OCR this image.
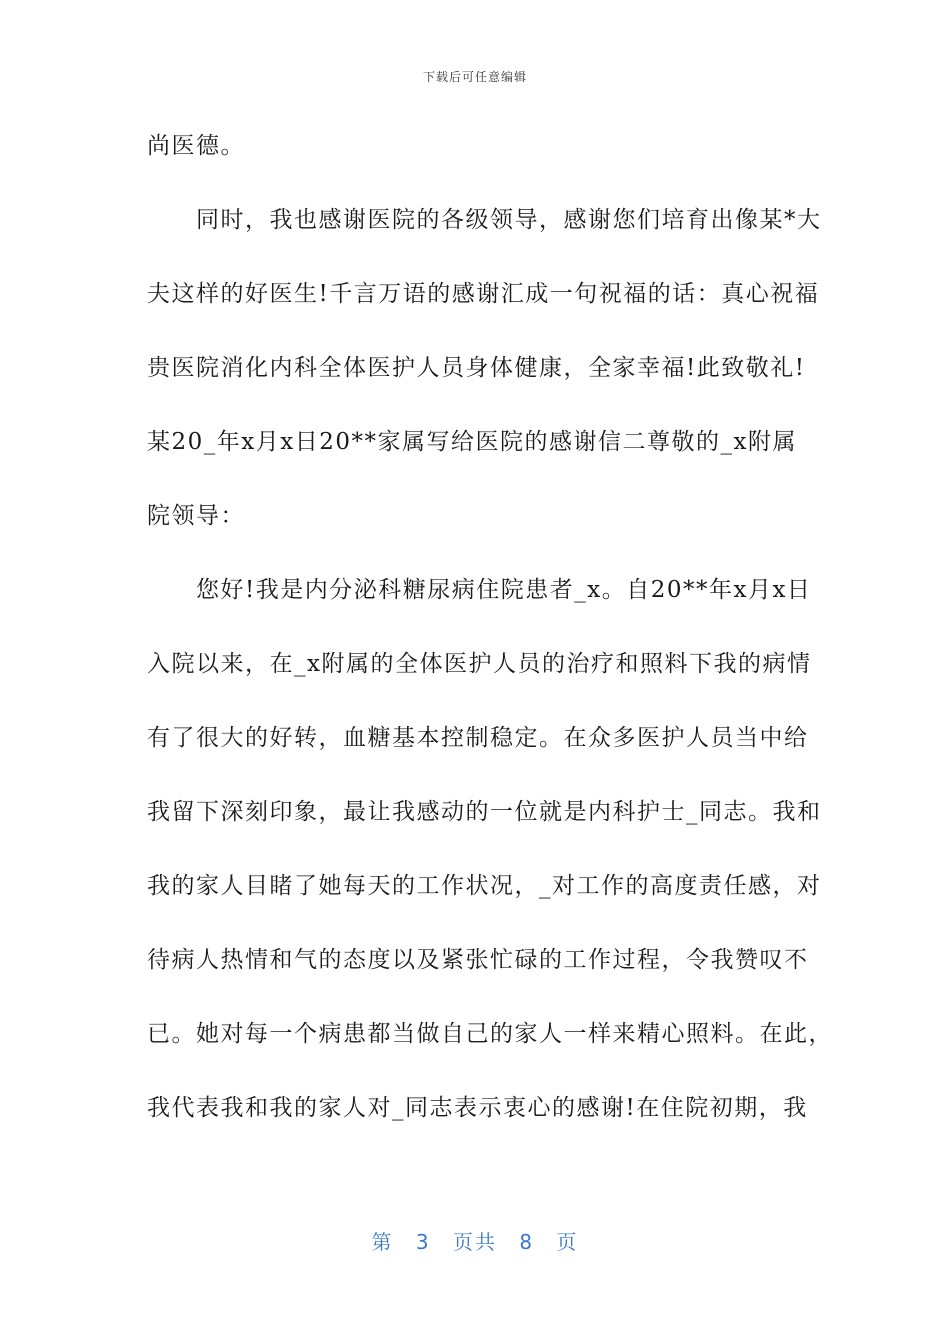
下载后可任意编辑
尚医德。
　　同时，我也感谢医院的各级领导，感谢您们培育出像某*大
夫这样的好医生!千言万语的感谢汇成一句祝福的话：真心祝福
贵医院消化内科全体医护人员身体健康，全家幸福!此致敬礼!
某20_年x月x日20**家属写给医院的感谢信二尊敬的_x附属
院领导：
　　您好!我是内分泌科糖尿病住院患者_x。自20**年x月x日
入院以来，在_x附属的全体医护人员的治疗和照料下我的病情
有了很大的好转，血糖基本控制稳定。在众多医护人员当中给
我留下深刻印象，最让我感动的一位就是内科护士_同志。我和
我的家人目睹了她每天的工作状况，_对工作的高度责任感，对
待病人热情和气的态度以及紧张忙碌的工作过程，令我赞叹不
已。她对每一个病患都当做自己的家人一样来精心照料。在此，
我代表我和我的家人对_同志表示衷心的感谢!在住院初期，我
第 3 页共 8 页
